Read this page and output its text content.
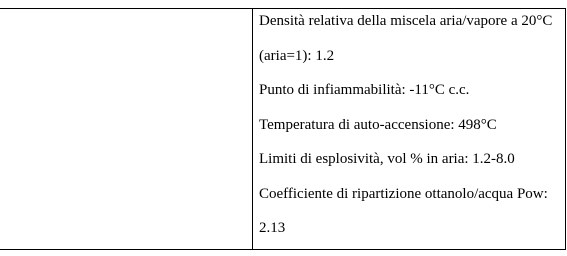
Densità relativa della miscela aria/vapore a 20°C
(aria=1): 1.2
Punto di infiammabilità: -11°C c.c.
Temperatura di auto-accensione: 498°C
Limiti di esplosività, vol % in aria: 1.2-8.0
Coefficiente di ripartizione ottanolo/acqua Pow:
2.13
